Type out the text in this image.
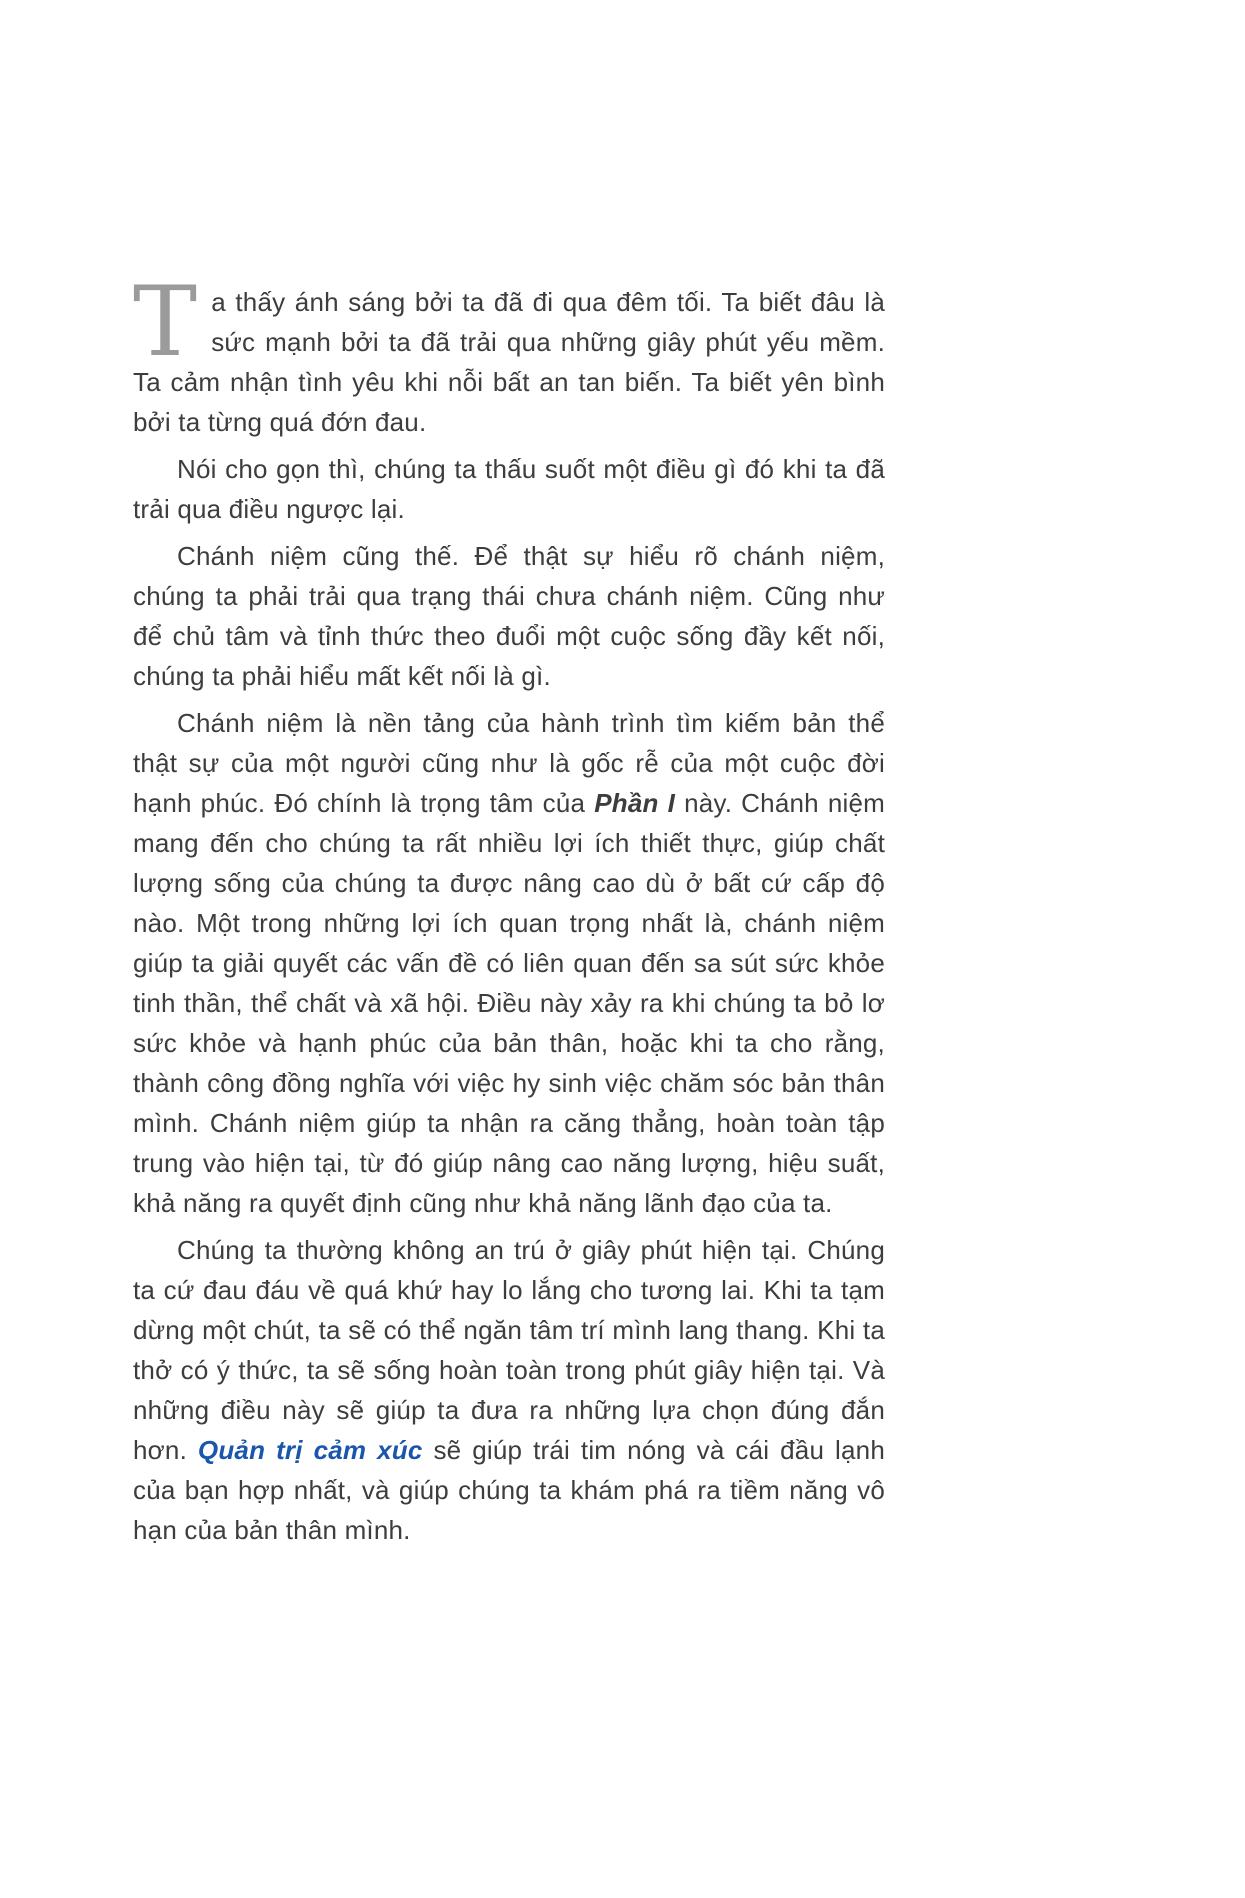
Ta thấy ánh sáng bởi ta đã đi qua đêm tối. Ta biết đâu là sức mạnh bởi ta đã trải qua những giây phút yếu mềm. Ta cảm nhận tình yêu khi nỗi bất an tan biến. Ta biết yên bình bởi ta từng quá đớn đau.

Nói cho gọn thì, chúng ta thấu suốt một điều gì đó khi ta đã trải qua điều ngược lại.

Chánh niệm cũng thế. Để thật sự hiểu rõ chánh niệm, chúng ta phải trải qua trạng thái chưa chánh niệm. Cũng như để chủ tâm và tỉnh thức theo đuổi một cuộc sống đầy kết nối, chúng ta phải hiểu mất kết nối là gì.

Chánh niệm là nền tảng của hành trình tìm kiếm bản thể thật sự của một người cũng như là gốc rễ của một cuộc đời hạnh phúc. Đó chính là trọng tâm của Phần I này. Chánh niệm mang đến cho chúng ta rất nhiều lợi ích thiết thực, giúp chất lượng sống của chúng ta được nâng cao dù ở bất cứ cấp độ nào. Một trong những lợi ích quan trọng nhất là, chánh niệm giúp ta giải quyết các vấn đề có liên quan đến sa sút sức khỏe tinh thần, thể chất và xã hội. Điều này xảy ra khi chúng ta bỏ lơ sức khỏe và hạnh phúc của bản thân, hoặc khi ta cho rằng, thành công đồng nghĩa với việc hy sinh việc chăm sóc bản thân mình. Chánh niệm giúp ta nhận ra căng thẳng, hoàn toàn tập trung vào hiện tại, từ đó giúp nâng cao năng lượng, hiệu suất, khả năng ra quyết định cũng như khả năng lãnh đạo của ta.

Chúng ta thường không an trú ở giây phút hiện tại. Chúng ta cứ đau đáu về quá khứ hay lo lắng cho tương lai. Khi ta tạm dừng một chút, ta sẽ có thể ngăn tâm trí mình lang thang. Khi ta thở có ý thức, ta sẽ sống hoàn toàn trong phút giây hiện tại. Và những điều này sẽ giúp ta đưa ra những lựa chọn đúng đắn hơn. Quản trị cảm xúc sẽ giúp trái tim nóng và cái đầu lạnh của bạn hợp nhất, và giúp chúng ta khám phá ra tiềm năng vô hạn của bản thân mình.
